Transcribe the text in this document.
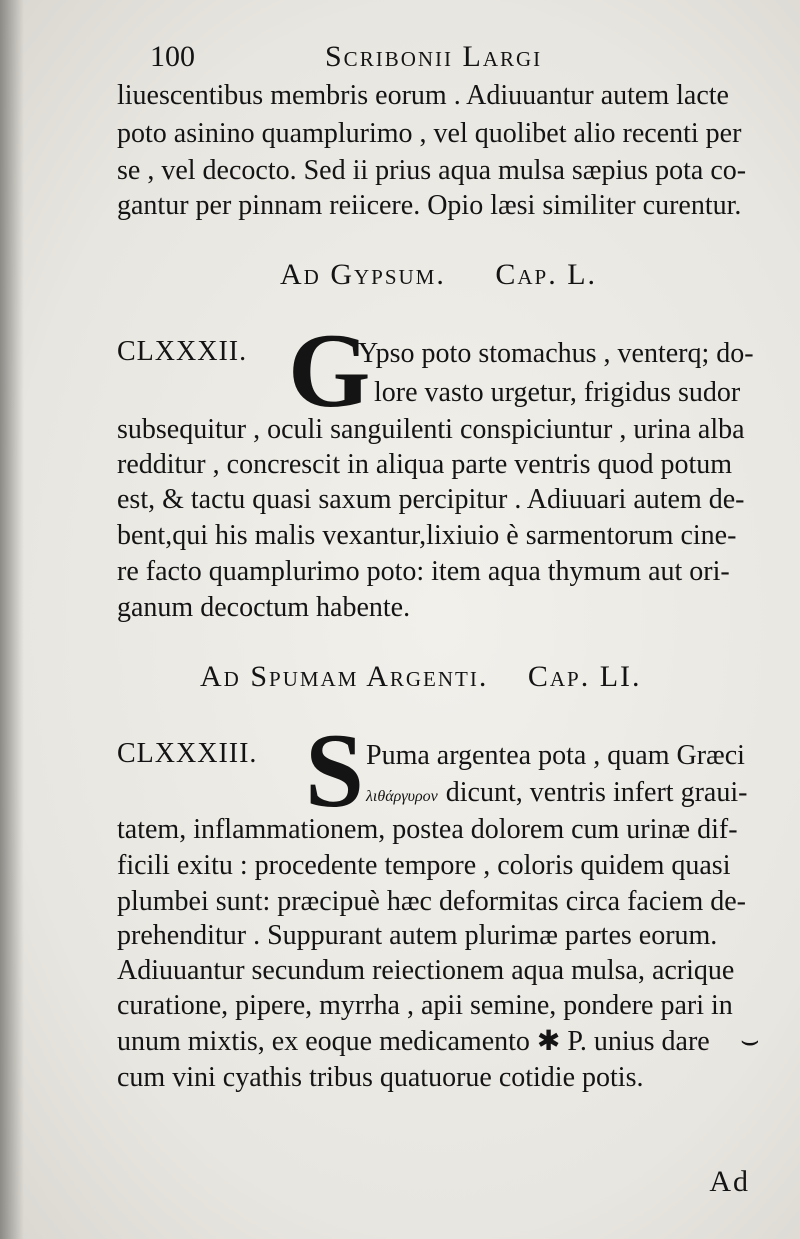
100	Scribonii Largi
liuescentibus membris eorum . Adiuuantur autem lacte
poto asinino quamplurimo , vel quolibet alio recenti per
se , vel decocto. Sed ii prius aqua mulsa sæpius pota co-
gantur per pinnam reiicere. Opio læsi similiter curentur.
Ad Gypsum. Cap. L.
CLXXXII. G
Ypso poto stomachus , venterq; do-
lore vasto urgetur, frigidus sudor
subsequitur , oculi sanguilenti conspiciuntur , urina alba
redditur , concrescit in aliqua parte ventris quod potum
est, & tactu quasi saxum percipitur . Adiuuari autem de-
bent,qui his malis vexantur,lixiuio è sarmentorum cine-
re facto quamplurimo poto: item aqua thymum aut ori-
ganum decoctum habente.
Ad Spumam Argenti. Cap. LI.
CLXXXIII. S Puma argentea pota , quam Græci
λιθάργυρον dicunt, ventris infert graui-
tatem, inflammationem, postea dolorem cum urinæ dif-
ficili exitu : procedente tempore , coloris quidem quasi
plumbei sunt: præcipuè hæc deformitas circa faciem de-
prehenditur . Suppurant autem plurimæ partes eorum.
Adiuuantur secundum reiectionem aqua mulsa, acrique
curatione, pipere, myrrha , apii semine, pondere pari in
unum mixtis, ex eoque medicamento ✱ P. unius dare
cum vini cyathis tribus quatuorue cotidie potis.
⌣
Ad
